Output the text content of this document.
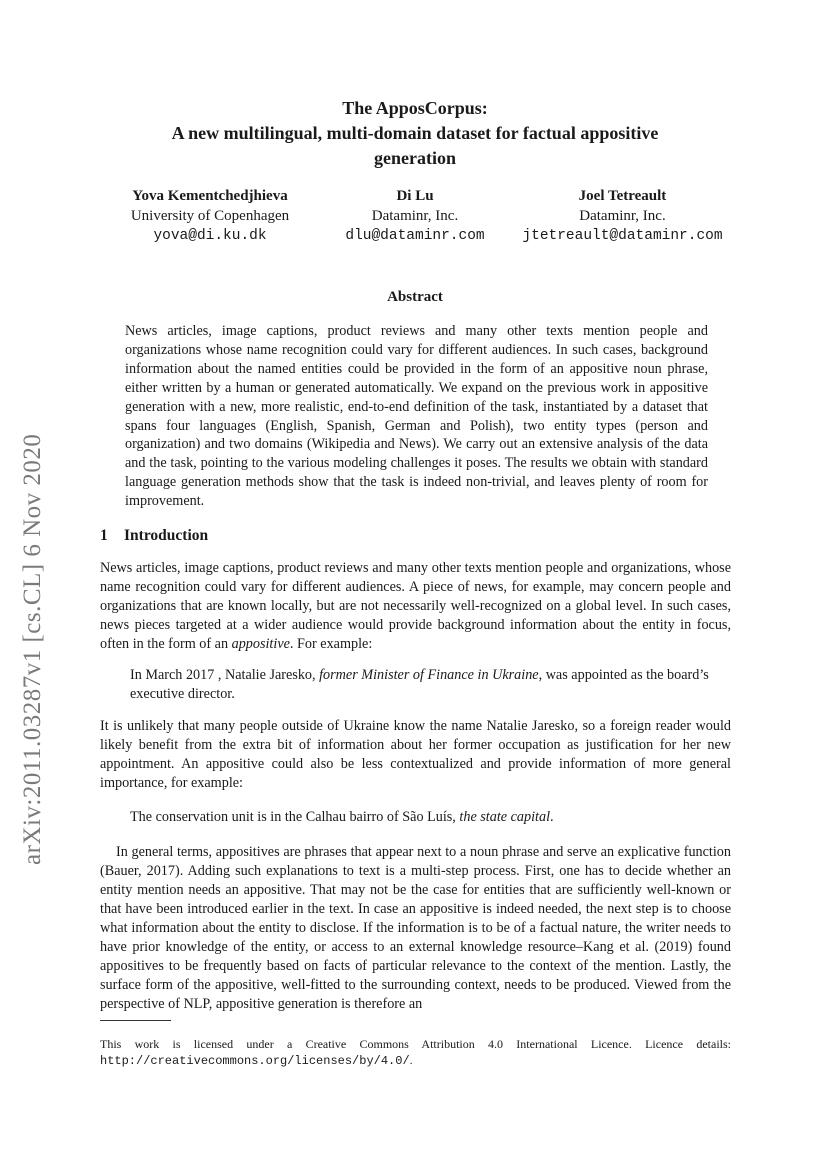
arXiv:2011.03287v1 [cs.CL] 6 Nov 2020
The ApposCorpus:
A new multilingual, multi-domain dataset for factual appositive
generation
Yova Kementchedjhieva
University of Copenhagen
yova@di.ku.dk
Di Lu
Dataminr, Inc.
dlu@dataminr.com
Joel Tetreault
Dataminr, Inc.
jtetreault@dataminr.com
Abstract
News articles, image captions, product reviews and many other texts mention people and organizations whose name recognition could vary for different audiences. In such cases, background information about the named entities could be provided in the form of an appositive noun phrase, either written by a human or generated automatically. We expand on the previous work in appositive generation with a new, more realistic, end-to-end definition of the task, instantiated by a dataset that spans four languages (English, Spanish, German and Polish), two entity types (person and organization) and two domains (Wikipedia and News). We carry out an extensive analysis of the data and the task, pointing to the various modeling challenges it poses. The results we obtain with standard language generation methods show that the task is indeed non-trivial, and leaves plenty of room for improvement.
1 Introduction
News articles, image captions, product reviews and many other texts mention people and organizations, whose name recognition could vary for different audiences. A piece of news, for example, may concern people and organizations that are known locally, but are not necessarily well-recognized on a global level. In such cases, news pieces targeted at a wider audience would provide background information about the entity in focus, often in the form of an appositive. For example:
In March 2017 , Natalie Jaresko, former Minister of Finance in Ukraine, was appointed as the board’s executive director.
It is unlikely that many people outside of Ukraine know the name Natalie Jaresko, so a foreign reader would likely benefit from the extra bit of information about her former occupation as justification for her new appointment. An appositive could also be less contextualized and provide information of more general importance, for example:
The conservation unit is in the Calhau bairro of São Luís, the state capital.
In general terms, appositives are phrases that appear next to a noun phrase and serve an explicative function (Bauer, 2017). Adding such explanations to text is a multi-step process. First, one has to decide whether an entity mention needs an appositive. That may not be the case for entities that are sufficiently well-known or that have been introduced earlier in the text. In case an appositive is indeed needed, the next step is to choose what information about the entity to disclose. If the information is to be of a factual nature, the writer needs to have prior knowledge of the entity, or access to an external knowledge resource–Kang et al. (2019) found appositives to be frequently based on facts of particular relevance to the context of the mention. Lastly, the surface form of the appositive, well-fitted to the surrounding context, needs to be produced. Viewed from the perspective of NLP, appositive generation is therefore an
This work is licensed under a Creative Commons Attribution 4.0 International Licence. Licence details: http://creativecommons.org/licenses/by/4.0/.
